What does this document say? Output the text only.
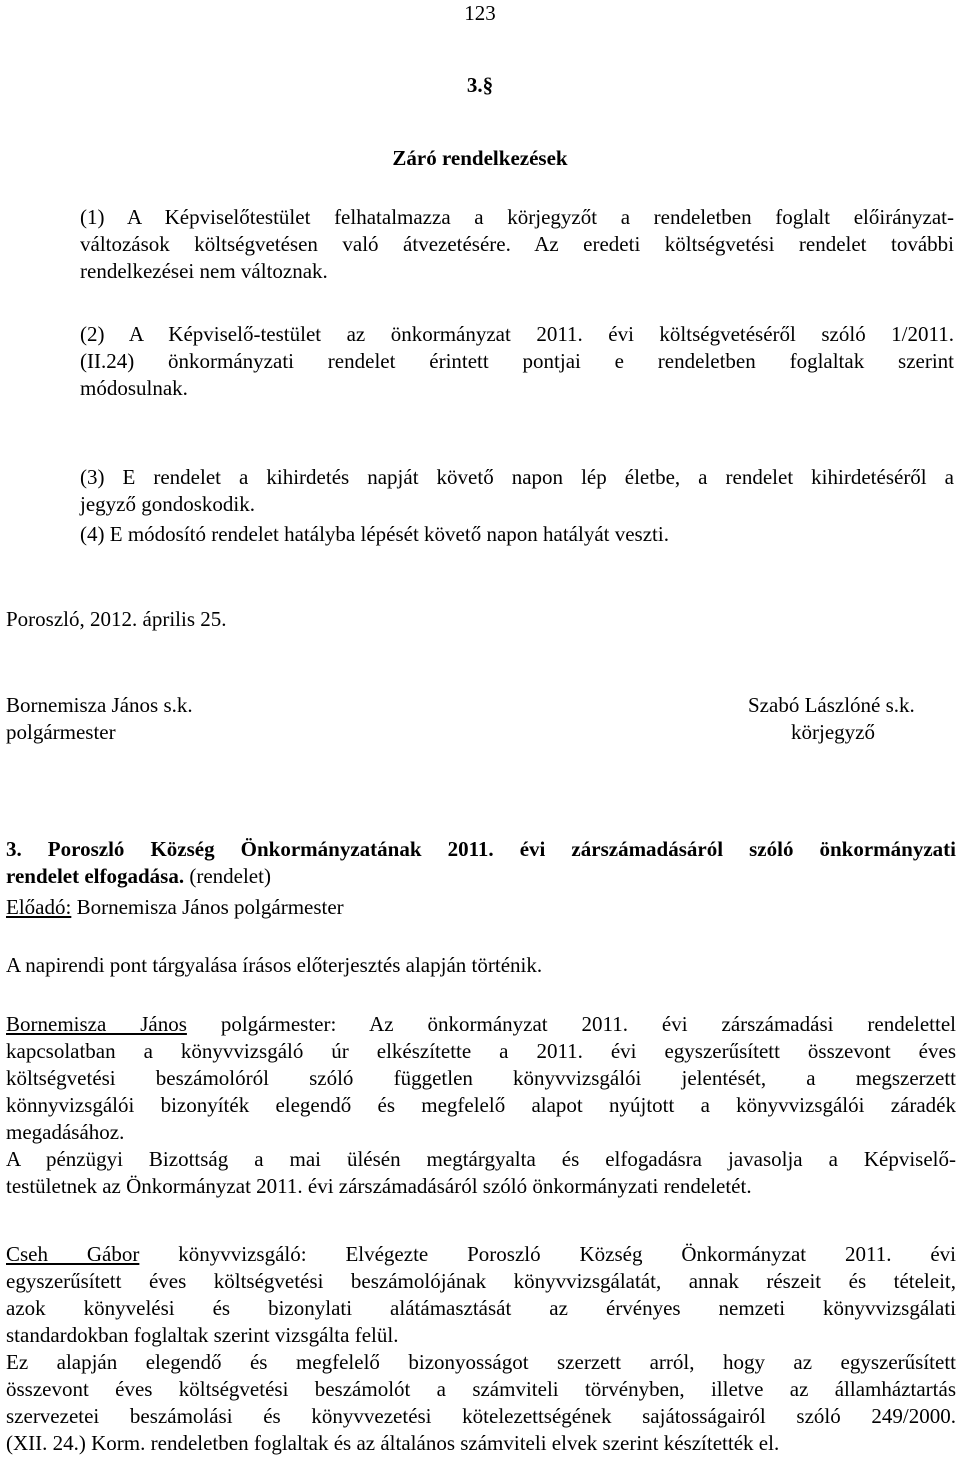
123
3.§
Záró rendelkezések
(1) A Képviselőtestület felhatalmazza a körjegyzőt a rendeletben foglalt előirányzat-
változások költségvetésen való átvezetésére. Az eredeti költségvetési rendelet további
rendelkezései nem változnak.
(2) A Képviselő-testület az önkormányzat 2011. évi költségvetéséről szóló 1/2011.
(II.24) önkormányzati rendelet érintett pontjai e rendeletben foglaltak szerint
módosulnak.
(3) E rendelet a kihirdetés napját követő napon lép életbe, a rendelet kihirdetéséről a
jegyző gondoskodik.
(4) E módosító rendelet hatályba lépését követő napon hatályát veszti.
Poroszló, 2012. április 25.
Bornemisza János s.k.
polgármester
Szabó Lászlóné s.k.
körjegyző
3. Poroszló Község Önkormányzatának 2011. évi zárszámadásáról szóló önkormányzati
rendelet elfogadása. (rendelet)
Előadó: Bornemisza János polgármester
A napirendi pont tárgyalása írásos előterjesztés alapján történik.
Bornemisza János polgármester: Az önkormányzat 2011. évi zárszámadási rendelettel
kapcsolatban a könyvvizsgáló úr elkészítette a 2011. évi egyszerűsített összevont éves
költségvetési beszámolóról szóló független könyvvizsgálói jelentését, a megszerzett
könnyvizsgálói bizonyíték elegendő és megfelelő alapot nyújtott a könyvvizsgálói záradék
megadásához.
A pénzügyi Bizottság a mai ülésén megtárgyalta és elfogadásra javasolja a Képviselő-
testületnek az Önkormányzat 2011. évi zárszámadásáról szóló önkormányzati rendeletét.
Cseh Gábor könyvvizsgáló: Elvégezte Poroszló Község Önkormányzat 2011. évi
egyszerűsített éves költségvetési beszámolójának könyvvizsgálatát, annak részeit és tételeit,
azok könyvelési és bizonylati alátámasztását az érvényes nemzeti könyvvizsgálati
standardokban foglaltak szerint vizsgálta felül.
Ez alapján elegendő és megfelelő bizonyosságot szerzett arról, hogy az egyszerűsített
összevont éves költségvetési beszámolót a számviteli törvényben, illetve az államháztartás
szervezetei beszámolási és könyvvezetési kötelezettségének sajátosságairól szóló 249/2000.
(XII. 24.) Korm. rendeletben foglaltak és az általános számviteli elvek szerint készítették el.
